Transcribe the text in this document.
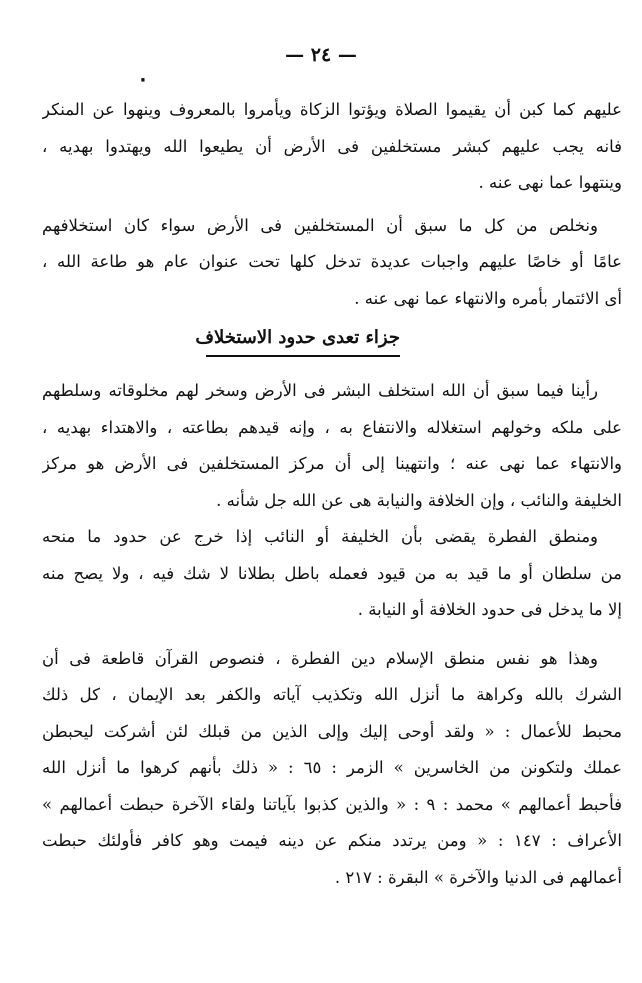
— ٢٤ —
٠
عليهم كما كبن أن يقيموا الصلاة ويؤتوا الزكاة ويأمروا بالمعروف وينهوا عن المنكر
فانه يجب عليهم كبشر مستخلفين فى الأرض أن يطيعوا الله ويهتدوا بهديه ،
وينتهوا عما نهى عنه .
ونخلص من كل ما سبق أن المستخلفين فى الأرض سواء كان استخلافهم
عامًا أو خاصًا عليهم واجبات عديدة تدخل كلها تحت عنوان عام هو طاعة الله ،
أى الائتمار بأمره والانتهاء عما نهى عنه .
جزاء تعدى حدود الاستخلاف
رأينا فيما سبق أن الله استخلف البشر فى الأرض وسخر لهم مخلوقاته وسلطهم
على ملكه وخولهم استغلاله والانتفاع به ، وإنه قيدهم بطاعته ، والاهتداء بهديه ،
والانتهاء عما نهى عنه ؛ وانتهينا إلى أن مركز المستخلفين فى الأرض هو مركز
الخليفة والنائب ، وإن الخلافة والنيابة هى عن الله جل شأنه .
ومنطق الفطرة يقضى بأن الخليفة أو النائب إذا خرج عن حدود ما منحه
من سلطان أو ما قيد به من قيود فعمله باطل بطلانا لا شك فيه ، ولا يصح منه
إلا ما يدخل فى حدود الخلافة أو النيابة .
وهذا هو نفس منطق الإسلام دين الفطرة ، فنصوص القرآن قاطعة فى أن
الشرك بالله وكراهة ما أنزل الله وتكذيب آياته والكفر بعد الإيمان ، كل ذلك
محبط للأعمال : « ولقد أوحى إليك وإلى الذين من قبلك لئن أشركت ليحبطن
عملك ولتكونن من الخاسرين » الزمر : ٦٥ : « ذلك بأنهم كرهوا ما أنزل الله
فأحبط أعمالهم » محمد : ٩ : « والذين كذبوا بآياتنا ولقاء الآخرة حبطت أعمالهم »
الأعراف : ١٤٧ : « ومن يرتدد منكم عن دينه فيمت وهو كافر فأولئك حبطت
أعمالهم فى الدنيا والآخرة » البقرة : ٢١٧ .
